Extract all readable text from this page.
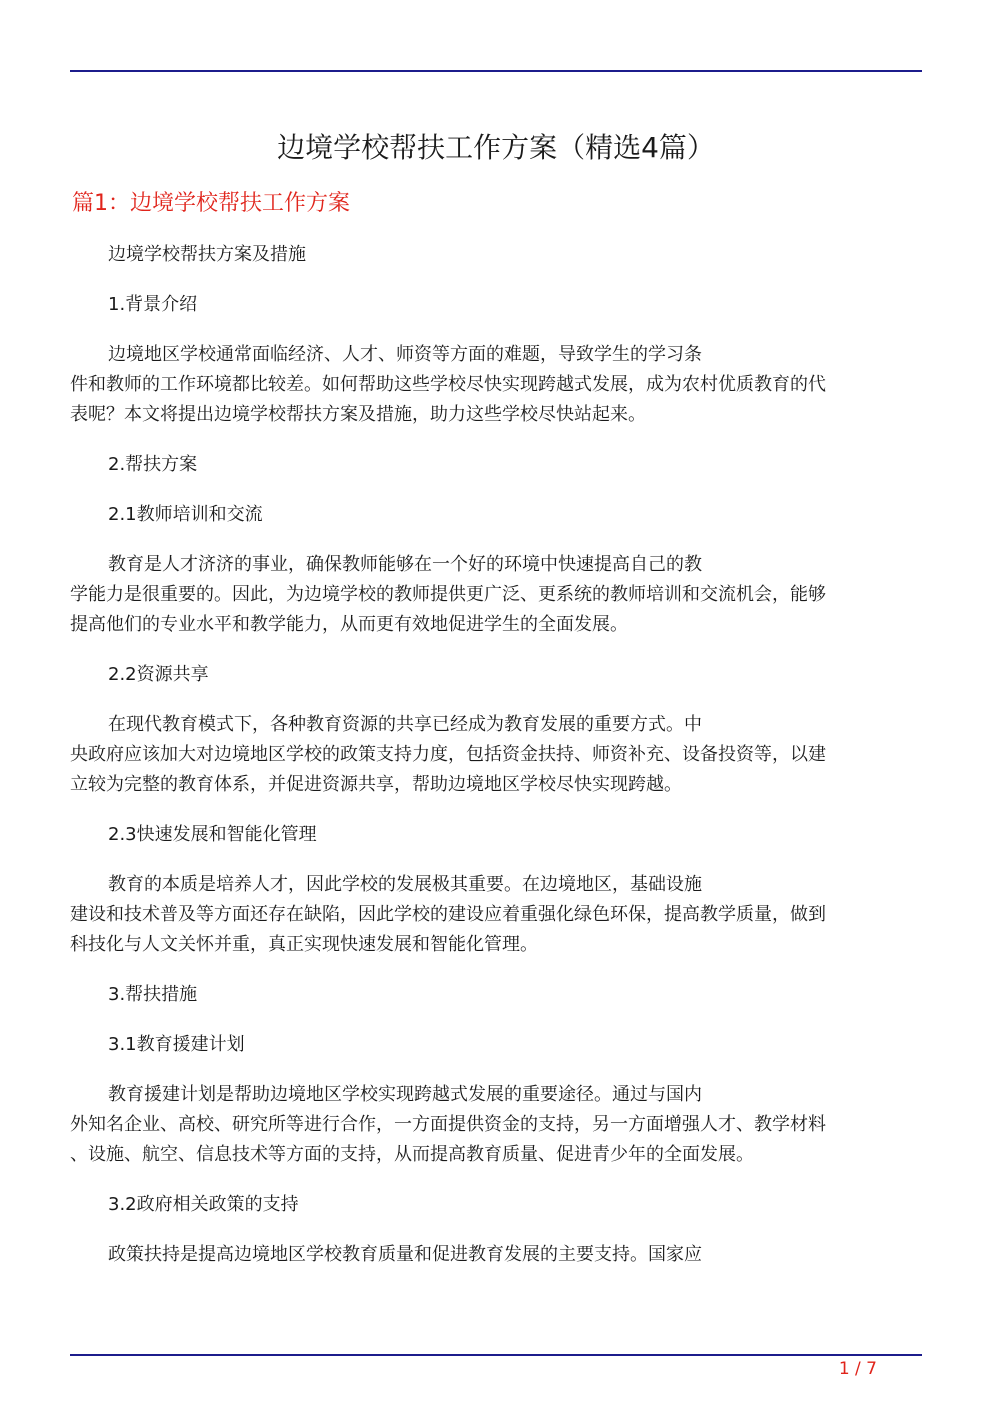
边境学校帮扶工作方案（精选4篇）
篇1：边境学校帮扶工作方案
边境学校帮扶方案及措施
1.背景介绍
边境地区学校通常面临经济、人才、师资等方面的难题，导致学生的学习条
件和教师的工作环境都比较差。如何帮助这些学校尽快实现跨越式发展，成为农村优质教育的代
表呢？本文将提出边境学校帮扶方案及措施，助力这些学校尽快站起来。
2.帮扶方案
2.1教师培训和交流
教育是人才济济的事业，确保教师能够在一个好的环境中快速提高自己的教
学能力是很重要的。因此，为边境学校的教师提供更广泛、更系统的教师培训和交流机会，能够
提高他们的专业水平和教学能力，从而更有效地促进学生的全面发展。
2.2资源共享
在现代教育模式下，各种教育资源的共享已经成为教育发展的重要方式。中
央政府应该加大对边境地区学校的政策支持力度，包括资金扶持、师资补充、设备投资等，以建
立较为完整的教育体系，并促进资源共享，帮助边境地区学校尽快实现跨越。
2.3快速发展和智能化管理
教育的本质是培养人才，因此学校的发展极其重要。在边境地区，基础设施
建设和技术普及等方面还存在缺陷，因此学校的建设应着重强化绿色环保，提高教学质量，做到
科技化与人文关怀并重，真正实现快速发展和智能化管理。
3.帮扶措施
3.1教育援建计划
教育援建计划是帮助边境地区学校实现跨越式发展的重要途径。通过与国内
外知名企业、高校、研究所等进行合作，一方面提供资金的支持，另一方面增强人才、教学材料
、设施、航空、信息技术等方面的支持，从而提高教育质量、促进青少年的全面发展。
3.2政府相关政策的支持
政策扶持是提高边境地区学校教育质量和促进教育发展的主要支持。国家应
1 / 7
